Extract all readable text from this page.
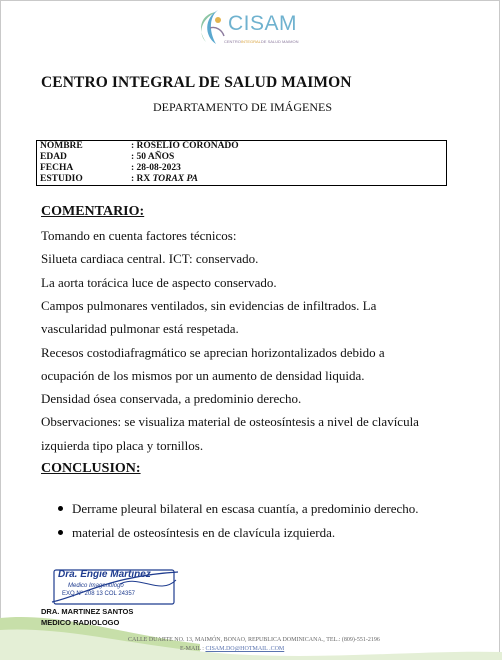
CISAM
CENTROINTEGRALDE SALUD MAIMON
CENTRO INTEGRAL DE SALUD MAIMON
DEPARTAMENTO DE IMÁGENES
NOMBRE	: ROSELIO CORONADO
EDAD	: 50 AÑOS
FECHA	: 28-08-2023
ESTUDIO	: RX TORAX PA
COMENTARIO:
Tomando en cuenta factores técnicos:
Silueta cardiaca central. ICT: conservado.
La aorta torácica luce de aspecto conservado.
Campos pulmonares ventilados, sin evidencias de infiltrados. La
vascularidad pulmonar está respetada.
Recesos costodiafragmático se aprecian horizontalizados debido a
ocupación de los mismos por un aumento de densidad liquida.
Densidad ósea conservada, a predominio derecho.
Observaciones: se visualiza material de osteosíntesis a nivel de clavícula
izquierda tipo placa y tornillos.
CONCLUSION:
Derrame pleural bilateral en escasa cuantía, a predominio derecho.
material de osteosíntesis en de clavícula izquierda.
Dra. Engie Martinez
Medico Imagenologo
EXQ Nº 208 13 COL 24357
DRA. MARTINEZ SANTOS
MEDICO RADIOLOGO
CALLE DUARTE NO. 13, MAIMÓN, BONAO, REPUBLICA DOMINICANA., TEL.: (809)-551-2196
E-MAIL : CISAM.DO@HOTMAIL .COM
